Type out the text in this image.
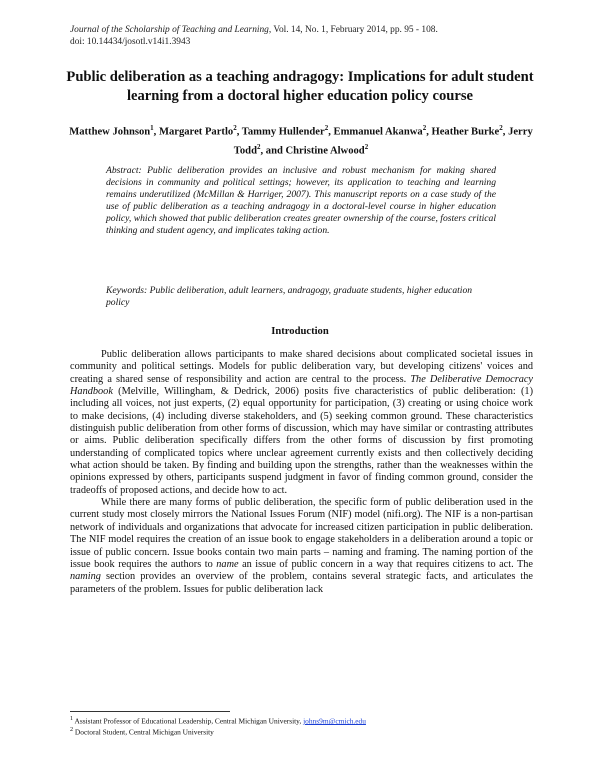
Journal of the Scholarship of Teaching and Learning, Vol. 14, No. 1, February 2014, pp. 95 - 108.
doi: 10.14434/josotl.v14i1.3943
Public deliberation as a teaching andragogy: Implications for adult student learning from a doctoral higher education policy course
Matthew Johnson$^1$, Margaret Partlo$^2$, Tammy Hullender$^2$, Emmanuel Akanwa$^2$, Heather Burke$^2$, Jerry Todd$^2$, and Christine Alwood$^2$

Abstract: Public deliberation provides an inclusive and robust mechanism for making shared decisions in community and political settings; however, its application to teaching and learning remains underutilized (McMillan & Harriger, 2007). This manuscript reports on a case study of the use of public deliberation as a teaching andragogy in a doctoral-level course in higher education policy, which showed that public deliberation creates greater ownership of the course, fosters critical thinking and student agency, and implicates taking action.

Keywords: Public deliberation, adult learners, andragogy, graduate students, higher education policy

Introduction

Public deliberation allows participants to make shared decisions about complicated societal issues in community and political settings. Models for public deliberation vary, but developing citizens' voices and creating a shared sense of responsibility and action are central to the process. The Deliberative Democracy Handbook (Melville, Willingham, & Dedrick, 2006) posits five characteristics of public deliberation: (1) including all voices, not just experts, (2) equal opportunity for participation, (3) creating or using choice work to make decisions, (4) including diverse stakeholders, and (5) seeking common ground. These characteristics distinguish public deliberation from other forms of discussion, which may have similar or contrasting attributes or aims. Public deliberation specifically differs from the other forms of discussion by first promoting understanding of complicated topics where unclear agreement currently exists and then collectively deciding what action should be taken. By finding and building upon the strengths, rather than the weaknesses within the opinions expressed by others, participants suspend judgment in favor of finding common ground, consider the tradeoffs of proposed actions, and decide how to act.

While there are many forms of public deliberation, the specific form of public deliberation used in the current study most closely mirrors the National Issues Forum (NIF) model (nifi.org). The NIF is a non-partisan network of individuals and organizations that advocate for increased citizen participation in public deliberation. The NIF model requires the creation of an issue book to engage stakeholders in a deliberation around a topic or issue of public concern. Issue books contain two main parts – naming and framing. The naming portion of the issue book requires the authors to name an issue of public concern in a way that requires citizens to act. The naming section provides an overview of the problem, contains several strategic facts, and articulates the parameters of the problem. Issues for public deliberation lack

$^1$ Assistant Professor of Educational Leadership, Central Michigan University, johns9m@cmich.edu
$^2$ Doctoral Student, Central Michigan University
